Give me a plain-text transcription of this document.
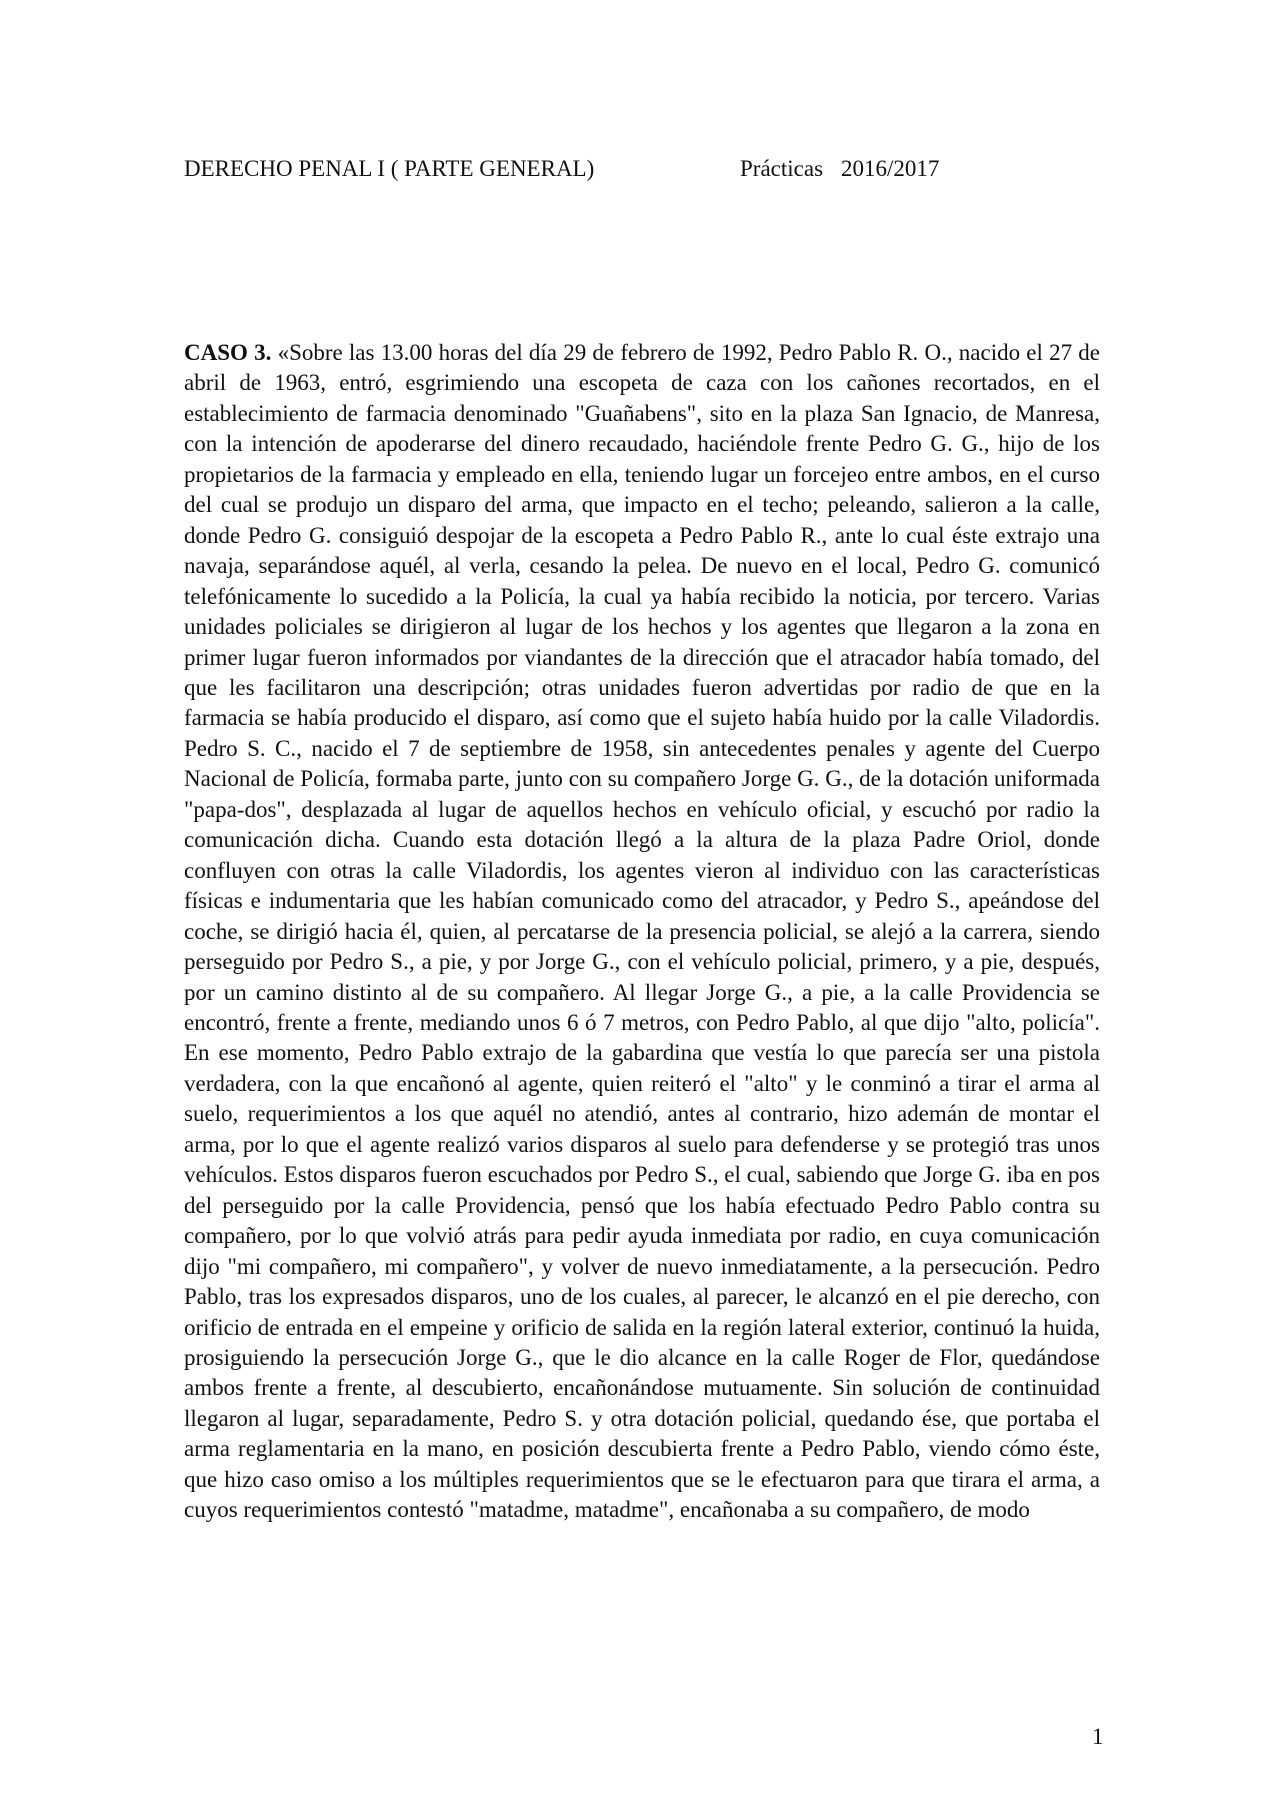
DERECHO PENAL I ( PARTE GENERAL)	Prácticas 2016/2017
CASO 3. «Sobre las 13.00 horas del día 29 de febrero de 1992, Pedro Pablo R. O., nacido el 27 de abril de 1963, entró, esgrimiendo una escopeta de caza con los cañones recortados, en el establecimiento de farmacia denominado "Guañabens", sito en la plaza San Ignacio, de Manresa, con la intención de apoderarse del dinero recaudado, haciéndole frente Pedro G. G., hijo de los propietarios de la farmacia y empleado en ella, teniendo lugar un forcejeo entre ambos, en el curso del cual se produjo un disparo del arma, que impacto en el techo; peleando, salieron a la calle, donde Pedro G. consiguió despojar de la escopeta a Pedro Pablo R., ante lo cual éste extrajo una navaja, separándose aquél, al verla, cesando la pelea. De nuevo en el local, Pedro G. comunicó telefónicamente lo sucedido a la Policía, la cual ya había recibido la noticia, por tercero. Varias unidades policiales se dirigieron al lugar de los hechos y los agentes que llegaron a la zona en primer lugar fueron informados por viandantes de la dirección que el atracador había tomado, del que les facilitaron una descripción; otras unidades fueron advertidas por radio de que en la farmacia se había producido el disparo, así como que el sujeto había huido por la calle Viladordis. Pedro S. C., nacido el 7 de septiembre de 1958, sin antecedentes penales y agente del Cuerpo Nacional de Policía, formaba parte, junto con su compañero Jorge G. G., de la dotación uniformada "papa-dos", desplazada al lugar de aquellos hechos en vehículo oficial, y escuchó por radio la comunicación dicha. Cuando esta dotación llegó a la altura de la plaza Padre Oriol, donde confluyen con otras la calle Viladordis, los agentes vieron al individuo con las características físicas e indumentaria que les habían comunicado como del atracador, y Pedro S., apeándose del coche, se dirigió hacia él, quien, al percatarse de la presencia policial, se alejó a la carrera, siendo perseguido por Pedro S., a pie, y por Jorge G., con el vehículo policial, primero, y a pie, después, por un camino distinto al de su compañero. Al llegar Jorge G., a pie, a la calle Providencia se encontró, frente a frente, mediando unos 6 ó 7 metros, con Pedro Pablo, al que dijo "alto, policía". En ese momento, Pedro Pablo extrajo de la gabardina que vestía lo que parecía ser una pistola verdadera, con la que encañonó al agente, quien reiteró el "alto" y le conminó a tirar el arma al suelo, requerimientos a los que aquél no atendió, antes al contrario, hizo ademán de montar el arma, por lo que el agente realizó varios disparos al suelo para defenderse y se protegió tras unos vehículos. Estos disparos fueron escuchados por Pedro S., el cual, sabiendo que Jorge G. iba en pos del perseguido por la calle Providencia, pensó que los había efectuado Pedro Pablo contra su compañero, por lo que volvió atrás para pedir ayuda inmediata por radio, en cuya comunicación dijo "mi compañero, mi compañero", y volver de nuevo inmediatamente, a la persecución. Pedro Pablo, tras los expresados disparos, uno de los cuales, al parecer, le alcanzó en el pie derecho, con orificio de entrada en el empeine y orificio de salida en la región lateral exterior, continuó la huida, prosiguiendo la persecución Jorge G., que le dio alcance en la calle Roger de Flor, quedándose ambos frente a frente, al descubierto, encañonándose mutuamente. Sin solución de continuidad llegaron al lugar, separadamente, Pedro S. y otra dotación policial, quedando ése, que portaba el arma reglamentaria en la mano, en posición descubierta frente a Pedro Pablo, viendo cómo éste, que hizo caso omiso a los múltiples requerimientos que se le efectuaron para que tirara el arma, a cuyos requerimientos contestó "matadme, matadme", encañonaba a su compañero, de modo
1
